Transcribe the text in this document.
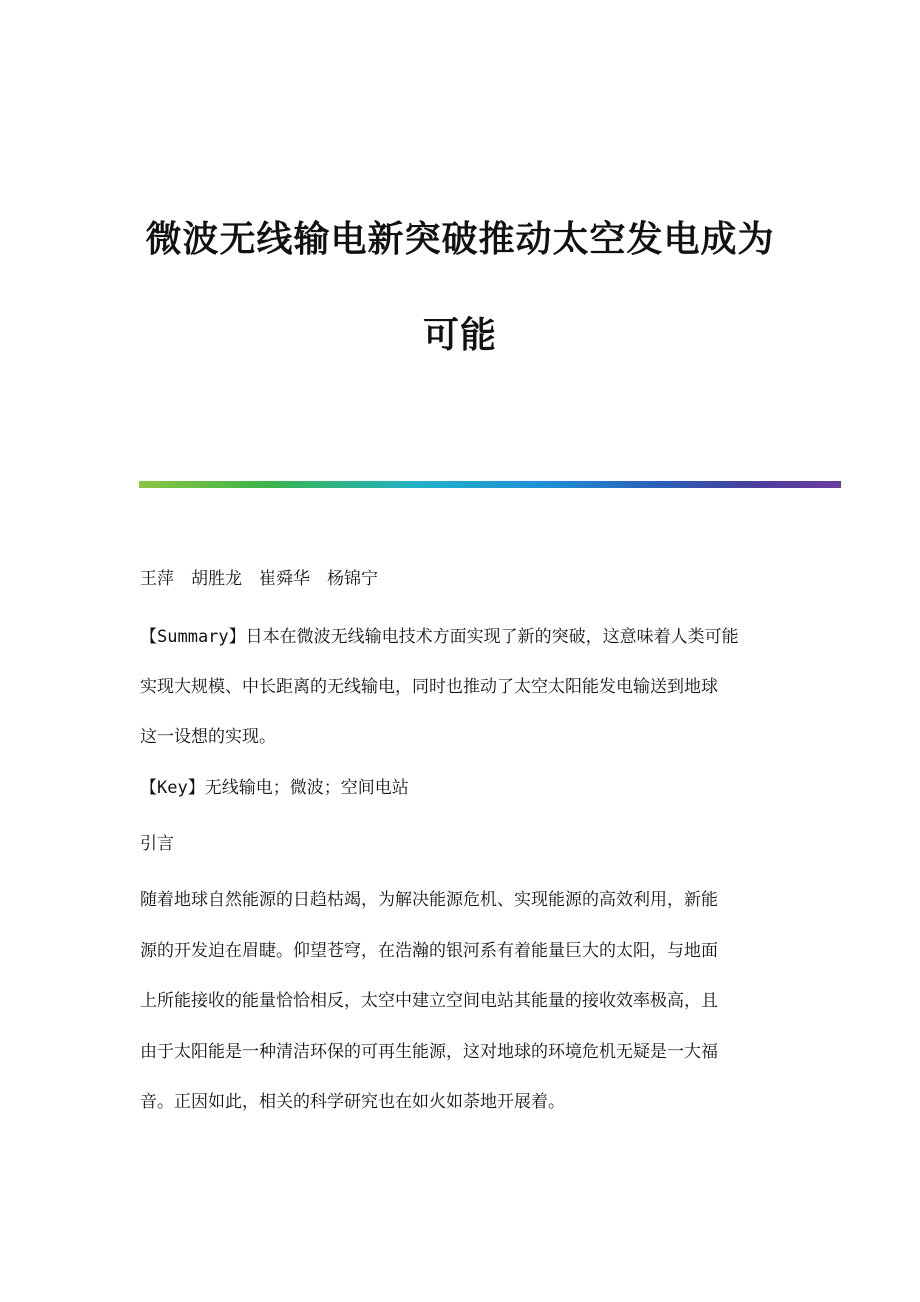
微波无线输电新突破推动太空发电成为
可能
王萍 胡胜龙 崔舜华 杨锦宁
【Summary】日本在微波无线输电技术方面实现了新的突破，这意味着人类可能
实现大规模、中长距离的无线输电，同时也推动了太空太阳能发电输送到地球
这一设想的实现。
【Key】无线输电；微波；空间电站
引言
随着地球自然能源的日趋枯竭，为解决能源危机、实现能源的高效利用，新能
源的开发迫在眉睫。仰望苍穹，在浩瀚的银河系有着能量巨大的太阳，与地面
上所能接收的能量恰恰相反，太空中建立空间电站其能量的接收效率极高，且
由于太阳能是一种清洁环保的可再生能源，这对地球的环境危机无疑是一大福
音。正因如此，相关的科学研究也在如火如荼地开展着。
